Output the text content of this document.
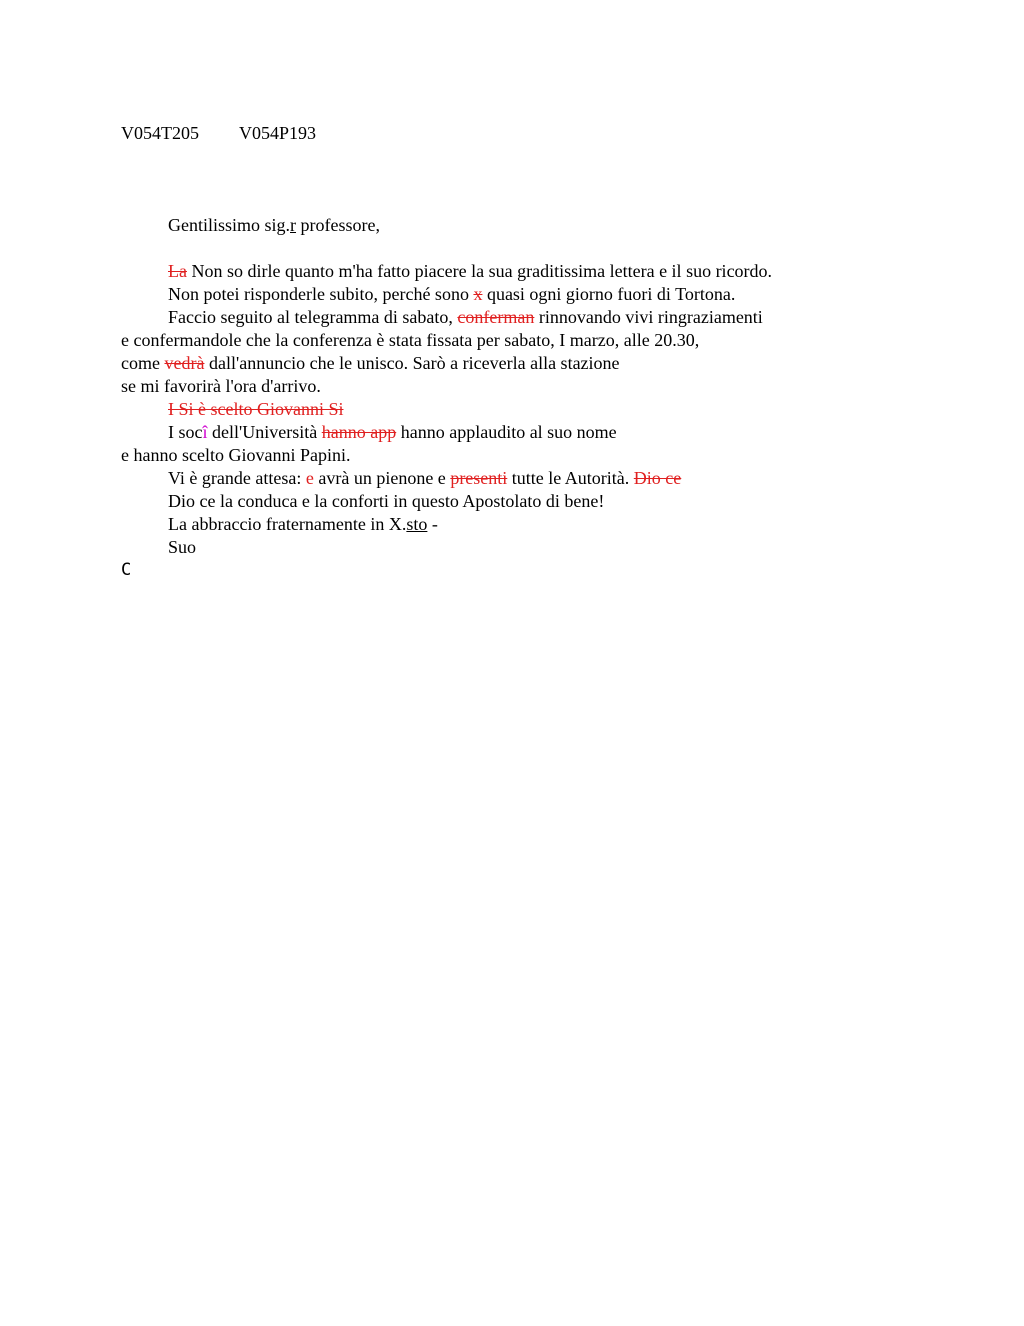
V054T205 V054P193
Gentilissimo sig.r professore,
La Non so dirle quanto m'ha fatto piacere la sua graditissima lettera e il suo ricordo.
Non potei risponderle subito, perché sono x quasi ogni giorno fuori di Tortona.
Faccio seguito al telegramma di sabato, conferman rinnovando vivi ringraziamenti
e confermandole che la conferenza è stata fissata per sabato, I marzo, alle 20.30,
come vedrà dall'annuncio che le unisco. Sarò a riceverla alla stazione
se mi favorirà l'ora d'arrivo.
I Si è scelto Giovanni Si
I socî dell'Università hanno app hanno applaudito al suo nome
e hanno scelto Giovanni Papini.
Vi è grande attesa: e avrà un pienone e presenti tutte le Autorità. Dio ce
Dio ce la conduca e la conforti in questo Apostolato di bene!
La abbraccio fraternamente in X.sto -
Suo
C
